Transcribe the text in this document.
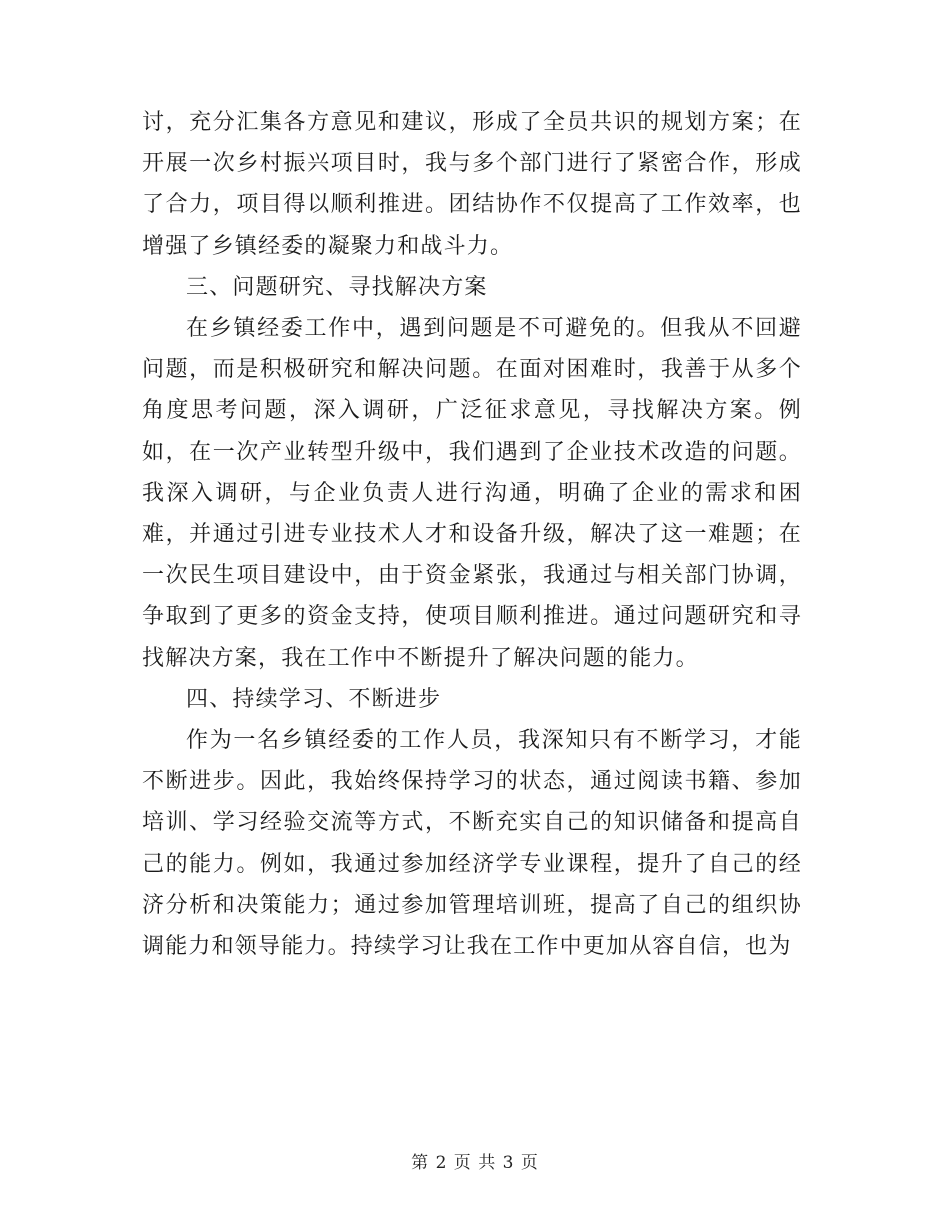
讨，充分汇集各方意见和建议，形成了全员共识的规划方案；在开展一次乡村振兴项目时，我与多个部门进行了紧密合作，形成了合力，项目得以顺利推进。团结协作不仅提高了工作效率，也增强了乡镇经委的凝聚力和战斗力。

三、问题研究、寻找解决方案

在乡镇经委工作中，遇到问题是不可避免的。但我从不回避问题，而是积极研究和解决问题。在面对困难时，我善于从多个角度思考问题，深入调研，广泛征求意见，寻找解决方案。例如，在一次产业转型升级中，我们遇到了企业技术改造的问题。我深入调研，与企业负责人进行沟通，明确了企业的需求和困难，并通过引进专业技术人才和设备升级，解决了这一难题；在一次民生项目建设中，由于资金紧张，我通过与相关部门协调，争取到了更多的资金支持，使项目顺利推进。通过问题研究和寻找解决方案，我在工作中不断提升了解决问题的能力。

四、持续学习、不断进步

作为一名乡镇经委的工作人员，我深知只有不断学习，才能不断进步。因此，我始终保持学习的状态，通过阅读书籍、参加培训、学习经验交流等方式，不断充实自己的知识储备和提高自己的能力。例如，我通过参加经济学专业课程，提升了自己的经济分析和决策能力；通过参加管理培训班，提高了自己的组织协调能力和领导能力。持续学习让我在工作中更加从容自信，也为

第 2 页 共 3 页
